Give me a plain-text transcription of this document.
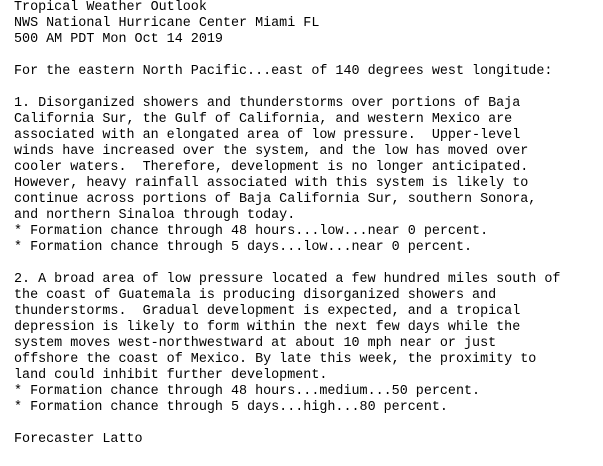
Tropical Weather Outlook
NWS National Hurricane Center Miami FL
500 AM PDT Mon Oct 14 2019
For the eastern North Pacific...east of 140 degrees west longitude:
1. Disorganized showers and thunderstorms over portions of Baja
California Sur, the Gulf of California, and western Mexico are
associated with an elongated area of low pressure.  Upper-level
winds have increased over the system, and the low has moved over
cooler waters.  Therefore, development is no longer anticipated.
However, heavy rainfall associated with this system is likely to
continue across portions of Baja California Sur, southern Sonora,
and northern Sinaloa through today.
* Formation chance through 48 hours...low...near 0 percent.
* Formation chance through 5 days...low...near 0 percent.
2. A broad area of low pressure located a few hundred miles south of
the coast of Guatemala is producing disorganized showers and
thunderstorms.  Gradual development is expected, and a tropical
depression is likely to form within the next few days while the
system moves west-northwestward at about 10 mph near or just
offshore the coast of Mexico. By late this week, the proximity to
land could inhibit further development.
* Formation chance through 48 hours...medium...50 percent.
* Formation chance through 5 days...high...80 percent.
Forecaster Latto
